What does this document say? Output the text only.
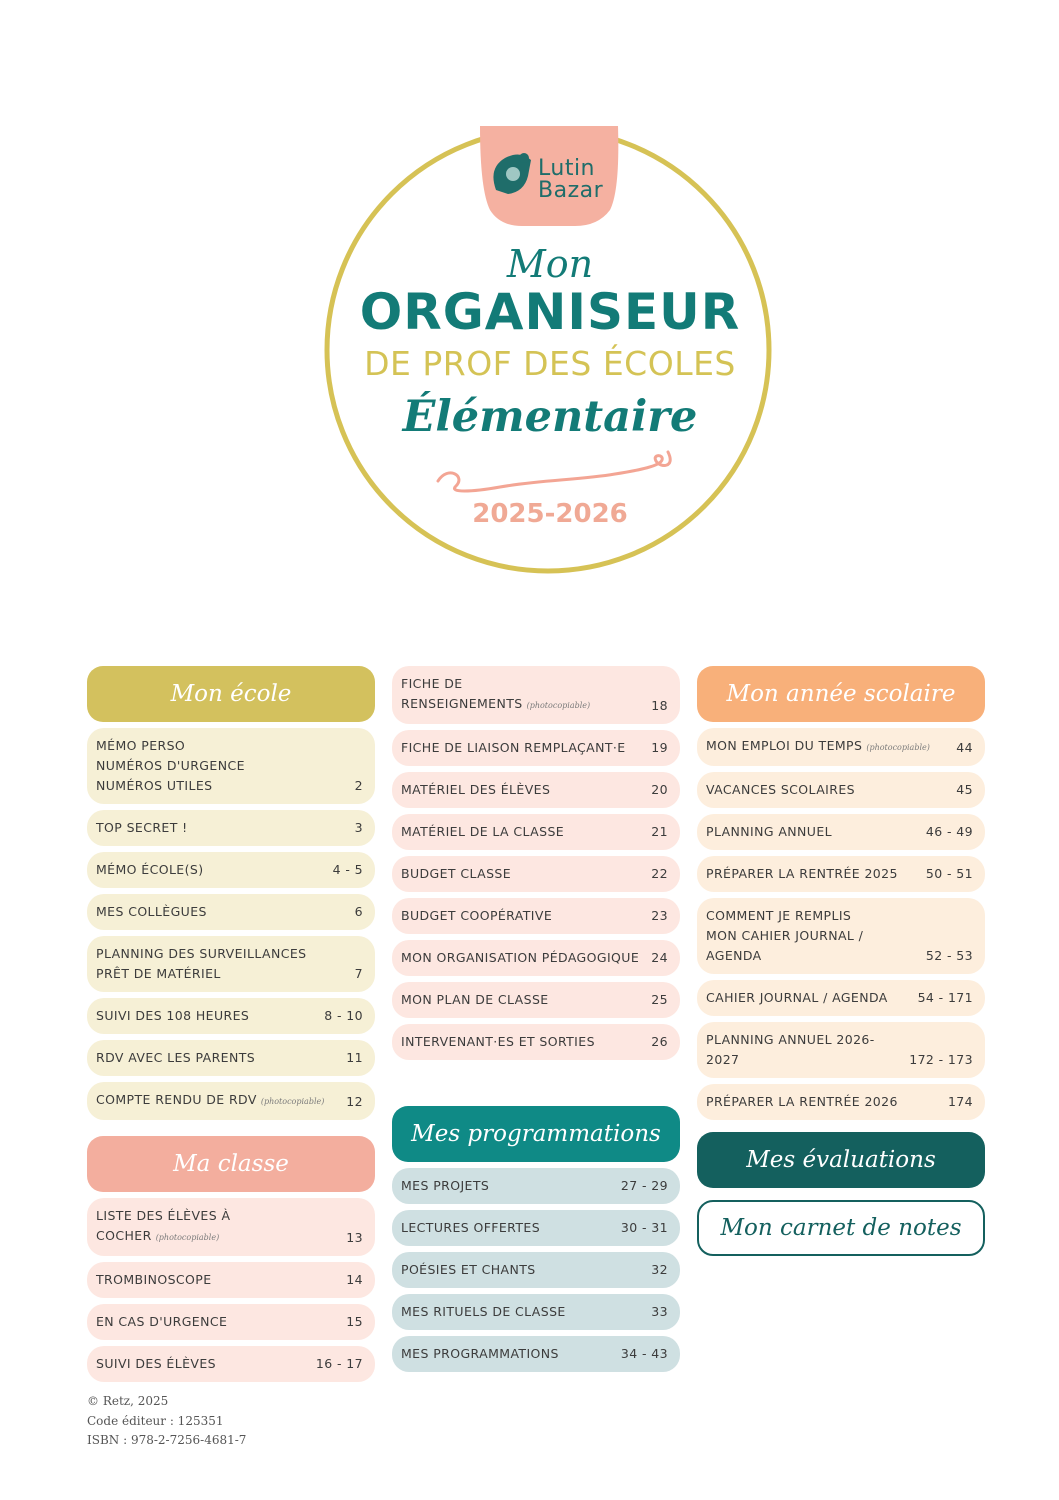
Lutin
Bazar
Mon
ORGANISEUR
DE PROF DES ÉCOLES
Élémentaire
2025-2026
Mon école
MÉMO PERSO
NUMÉROS D'URGENCE
NUMÉROS UTILES	2
TOP SECRET !	3
MÉMO ÉCOLE(S)	4 - 5
MES COLLÈGUES	6
PLANNING DES SURVEILLANCES
PRÊT DE MATÉRIEL	7
SUIVI DES 108 HEURES	8 - 10
RDV AVEC LES PARENTS	11
COMPTE RENDU DE RDV (photocopiable)	12
Ma classe
LISTE DES ÉLÈVES À COCHER (photocopiable)	13
TROMBINOSCOPE	14
EN CAS D'URGENCE	15
SUIVI DES ÉLÈVES	16 - 17
FICHE DE RENSEIGNEMENTS (photocopiable)	18
FICHE DE LIAISON REMPLAÇANT·E	19
MATÉRIEL DES ÉLÈVES	20
MATÉRIEL DE LA CLASSE	21
BUDGET CLASSE	22
BUDGET COOPÉRATIVE	23
MON ORGANISATION PÉDAGOGIQUE 24
MON PLAN DE CLASSE	25
INTERVENANT·ES ET SORTIES	26
Mes programmations
MES PROJETS	27 - 29
LECTURES OFFERTES	30 - 31
POÉSIES ET CHANTS	32
MES RITUELS DE CLASSE	33
MES PROGRAMMATIONS	34 - 43
Mon année scolaire
MON EMPLOI DU TEMPS (photocopiable)	44
VACANCES SCOLAIRES	45
PLANNING ANNUEL	46 - 49
PRÉPARER LA RENTRÉE 2025	50 - 51
COMMENT JE REMPLIS
MON CAHIER JOURNAL / AGENDA	52 - 53
CAHIER JOURNAL / AGENDA	54 - 171
PLANNING ANNUEL 2026-2027	172 - 173
PRÉPARER LA RENTRÉE 2026	174
Mes évaluations
Mon carnet de notes
© Retz, 2025
Code éditeur : 125351
ISBN : 978-2-7256-4681-7
